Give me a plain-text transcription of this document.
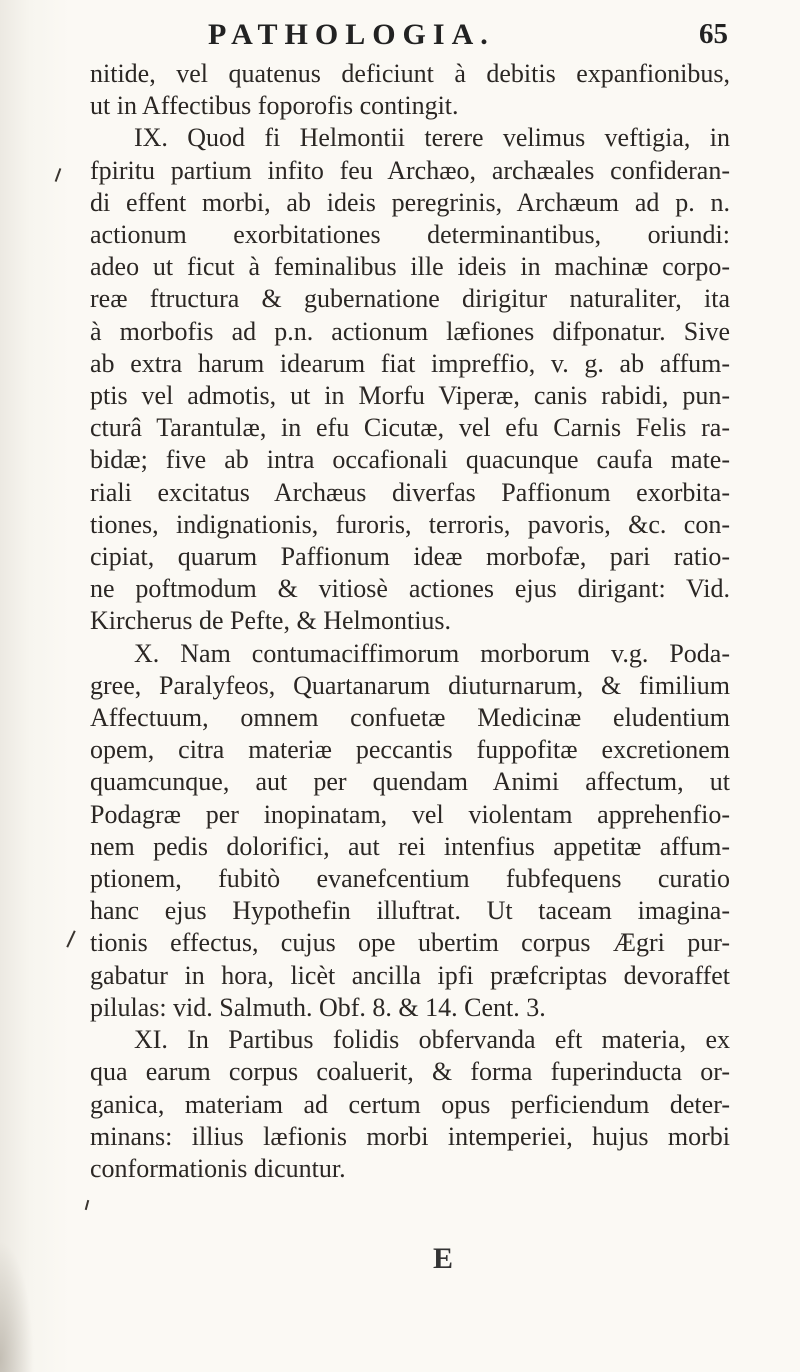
PATHOLOGIA.	65
nitide, vel quatenus deficiunt à debitis expanfionibus,
ut in Affectibus foporofis contingit.
IX. Quod fi Helmontii terere velimus veftigia, in
fpiritu partium infito feu Archæo, archæales confideran-
di effent morbi, ab ideis peregrinis, Archæum ad p. n.
actionum exorbitationes determinantibus, oriundi:
adeo ut ficut à feminalibus ille ideis in machinæ corpo-
reæ ftructura & gubernatione dirigitur naturaliter, ita
à morbofis ad p.n. actionum læfiones difponatur. Sive
ab extra harum idearum fiat impreffio, v. g. ab affum-
ptis vel admotis, ut in Morfu Viperæ, canis rabidi, pun-
cturâ Tarantulæ, in efu Cicutæ, vel efu Carnis Felis ra-
bidæ; five ab intra occafionali quacunque caufa mate-
riali excitatus Archæus diverfas Paffionum exorbita-
tiones, indignationis, furoris, terroris, pavoris, &c. con-
cipiat, quarum Paffionum ideæ morbofæ, pari ratio-
ne poftmodum & vitiosè actiones ejus dirigant: Vid.
Kircherus de Pefte, & Helmontius.
X. Nam contumaciffimorum morborum v.g. Poda-
gree, Paralyfeos, Quartanarum diuturnarum, & fimilium
Affectuum, omnem confuetæ Medicinæ eludentium
opem, citra materiæ peccantis fuppofitæ excretionem
quamcunque, aut per quendam Animi affectum, ut
Podagræ per inopinatam, vel violentam apprehenfio-
nem pedis dolorifici, aut rei intenfius appetitæ affum-
ptionem, fubitò evanefcentium fubfequens curatio
hanc ejus Hypothefin illuftrat. Ut taceam imagina-
tionis effectus, cujus ope ubertim corpus Ægri pur-
gabatur in hora, licèt ancilla ipfi præfcriptas devoraffet
pilulas: vid. Salmuth. Obf. 8. & 14. Cent. 3.
XI. In Partibus folidis obfervanda eft materia, ex
qua earum corpus coaluerit, & forma fuperinducta or-
ganica, materiam ad certum opus perficiendum deter-
minans: illius læfionis morbi intemperiei, hujus morbi
conformationis dicuntur.
E
